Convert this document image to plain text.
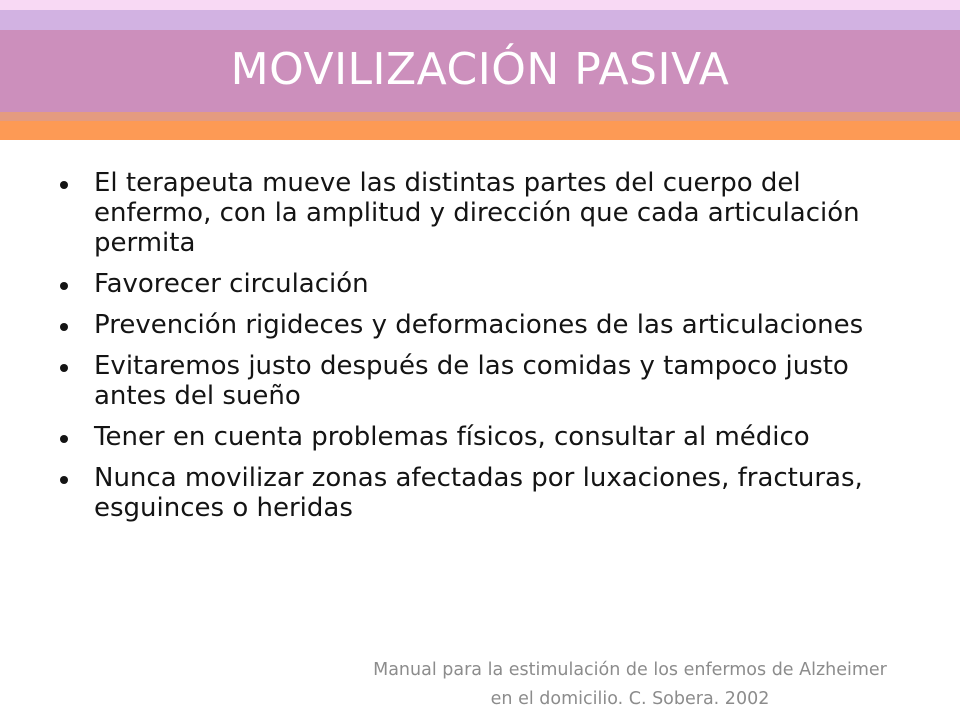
MOVILIZACIÓN PASIVA
El terapeuta mueve las distintas partes del cuerpo del enfermo, con la amplitud y dirección que cada articulación permita
Favorecer circulación
Prevención rigideces y deformaciones de las articulaciones
Evitaremos justo después de las comidas y tampoco justo antes del sueño
Tener en cuenta problemas físicos, consultar al médico
Nunca movilizar zonas afectadas por luxaciones, fracturas, esguinces o heridas
Manual para la estimulación de los enfermos de Alzheimer
en el domicilio. C. Sobera. 2002
